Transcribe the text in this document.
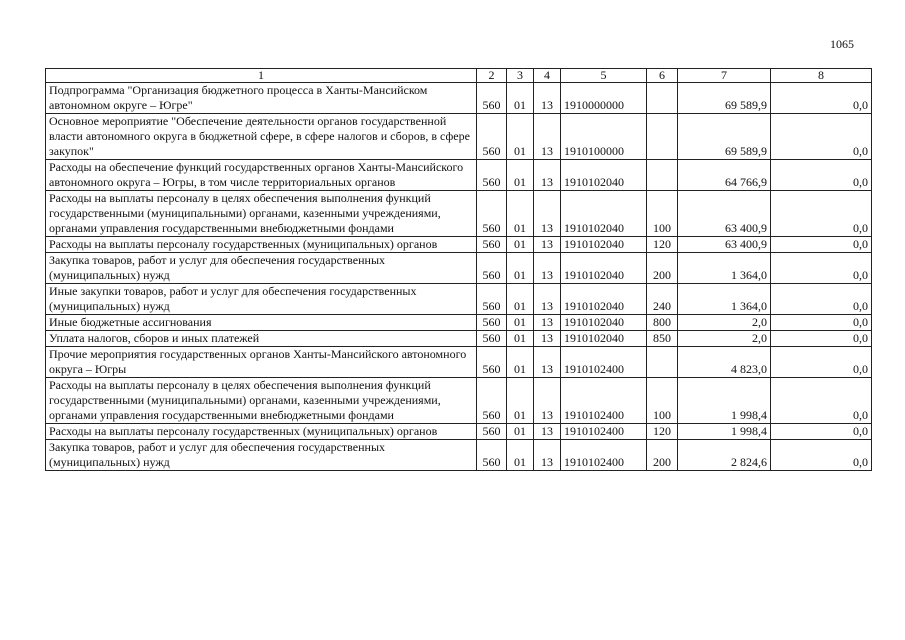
1065
1	2	3	4	5	6	7	8
Подпрограмма "Организация бюджетного процесса в Ханты-Мансийском автономном округе – Югре"	560	01	13	1910000000		69 589,9	0,0
Основное мероприятие "Обеспечение деятельности органов государственной власти автономного округа в бюджетной сфере, в сфере налогов и сборов, в сфере закупок"	560	01	13	1910100000		69 589,9	0,0
Расходы на обеспечение функций государственных органов Ханты-Мансийского автономного округа – Югры, в том числе территориальных органов	560	01	13	1910102040		64 766,9	0,0
Расходы на выплаты персоналу в целях обеспечения выполнения функций государственными (муниципальными) органами, казенными учреждениями, органами управления государственными внебюджетными фондами	560	01	13	1910102040	100	63 400,9	0,0
Расходы на выплаты персоналу государственных (муниципальных) органов	560	01	13	1910102040	120	63 400,9	0,0
Закупка товаров, работ и услуг для обеспечения государственных (муниципальных) нужд	560	01	13	1910102040	200	1 364,0	0,0
Иные закупки товаров, работ и услуг для обеспечения государственных (муниципальных) нужд	560	01	13	1910102040	240	1 364,0	0,0
Иные бюджетные ассигнования	560	01	13	1910102040	800	2,0	0,0
Уплата налогов, сборов и иных платежей	560	01	13	1910102040	850	2,0	0,0
Прочие мероприятия государственных органов Ханты-Мансийского автономного округа – Югры	560	01	13	1910102400		4 823,0	0,0
Расходы на выплаты персоналу в целях обеспечения выполнения функций государственными (муниципальными) органами, казенными учреждениями, органами управления государственными внебюджетными фондами	560	01	13	1910102400	100	1 998,4	0,0
Расходы на выплаты персоналу государственных (муниципальных) органов	560	01	13	1910102400	120	1 998,4	0,0
Закупка товаров, работ и услуг для обеспечения государственных (муниципальных) нужд	560	01	13	1910102400	200	2 824,6	0,0
